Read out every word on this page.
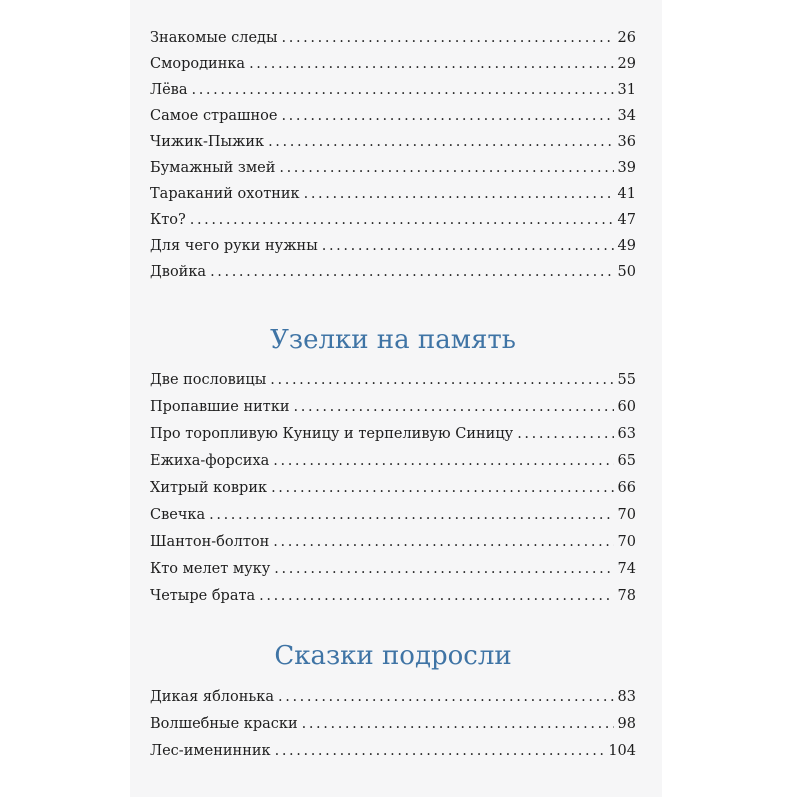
Знакомые следы . . .	26
Смородинка . . .	29
Лёва . . .	31
Самое страшное . . .	34
Чижик-Пыжик . . .	36
Бумажный змей . . .	39
Тараканий охотник . . .	41
Кто? . . .	47
Для чего руки нужны . . .	49
Двойка . . .	50
Узелки на память
Две пословицы . . .	55
Пропавшие нитки . . .	60
Про торопливую Куницу и терпеливую Синицу . . .	63
Ежиха-форсиха . . .	65
Хитрый коврик . . .	66
Свечка . . .	70
Шантон-болтон . . .	70
Кто мелет муку . . .	74
Четыре брата . . .	78
Сказки подросли
Дикая яблонька . . .	83
Волшебные краски . . .	98
Лес-именинник . . .	104
